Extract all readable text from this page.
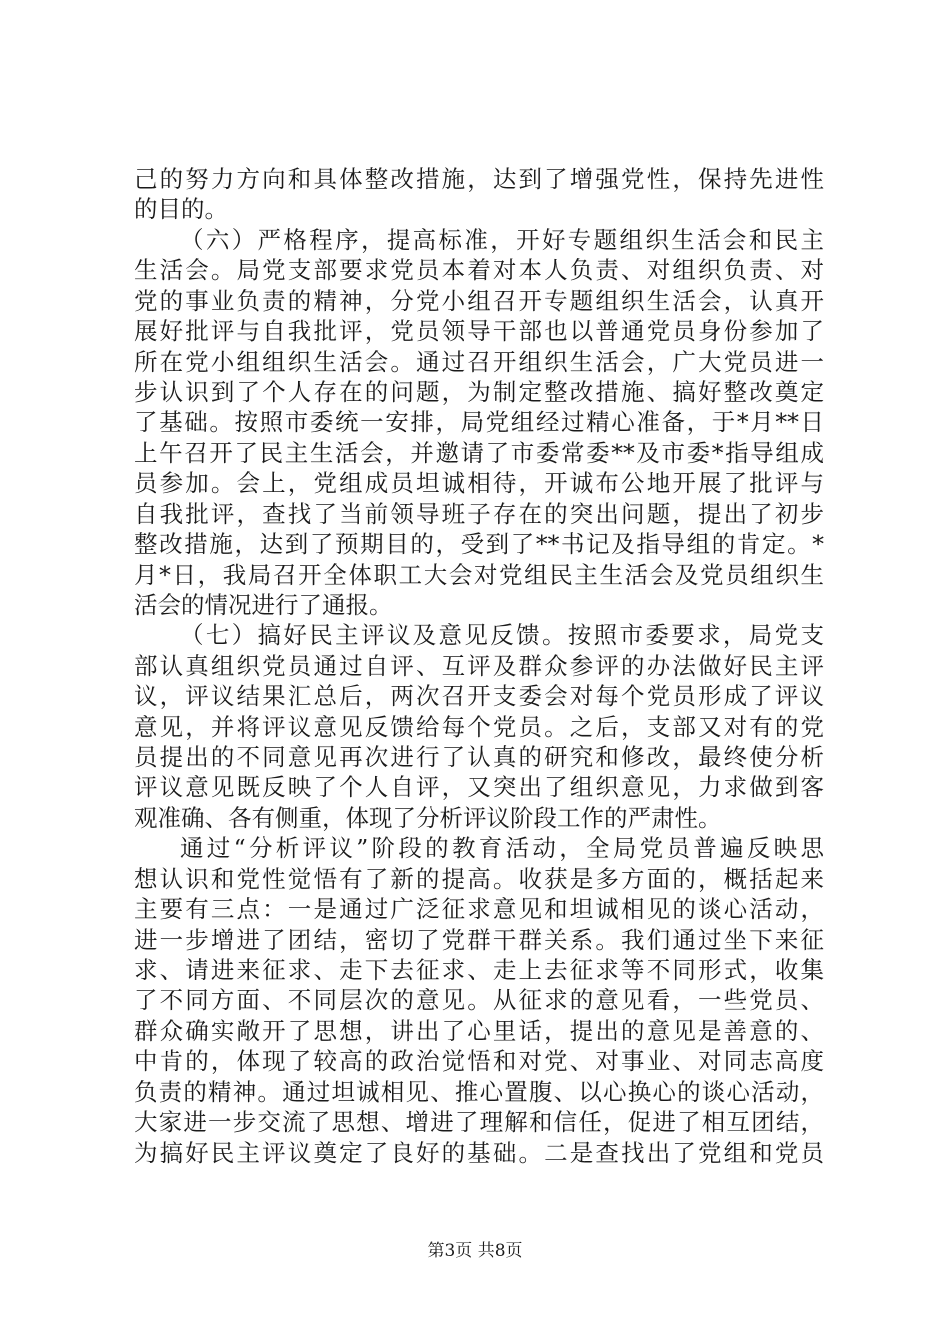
己的努力方向和具体整改措施，达到了增强党性，保持先进性
的目的。
（六）严格程序，提高标准，开好专题组织生活会和民主
生活会。局党支部要求党员本着对本人负责、对组织负责、对
党的事业负责的精神，分党小组召开专题组织生活会，认真开
展好批评与自我批评，党员领导干部也以普通党员身份参加了
所在党小组组织生活会。通过召开组织生活会，广大党员进一
步认识到了个人存在的问题，为制定整改措施、搞好整改奠定
了基础。按照市委统一安排，局党组经过精心准备，于*月**日
上午召开了民主生活会，并邀请了市委常委**及市委*指导组成
员参加。会上，党组成员坦诚相待，开诚布公地开展了批评与
自我批评，查找了当前领导班子存在的突出问题，提出了初步
整改措施，达到了预期目的，受到了**书记及指导组的肯定。*
月*日，我局召开全体职工大会对党组民主生活会及党员组织生
活会的情况进行了通报。
（七）搞好民主评议及意见反馈。按照市委要求，局党支
部认真组织党员通过自评、互评及群众参评的办法做好民主评
议，评议结果汇总后，两次召开支委会对每个党员形成了评议
意见，并将评议意见反馈给每个党员。之后，支部又对有的党
员提出的不同意见再次进行了认真的研究和修改，最终使分析
评议意见既反映了个人自评，又突出了组织意见，力求做到客
观准确、各有侧重，体现了分析评议阶段工作的严肃性。
通过“分析评议”阶段的教育活动，全局党员普遍反映思
想认识和党性觉悟有了新的提高。收获是多方面的，概括起来
主要有三点：一是通过广泛征求意见和坦诚相见的谈心活动，
进一步增进了团结，密切了党群干群关系。我们通过坐下来征
求、请进来征求、走下去征求、走上去征求等不同形式，收集
了不同方面、不同层次的意见。从征求的意见看，一些党员、
群众确实敞开了思想，讲出了心里话，提出的意见是善意的、
中肯的，体现了较高的政治觉悟和对党、对事业、对同志高度
负责的精神。通过坦诚相见、推心置腹、以心换心的谈心活动，
大家进一步交流了思想、增进了理解和信任，促进了相互团结，
为搞好民主评议奠定了良好的基础。二是查找出了党组和党员
第3页 共8页
